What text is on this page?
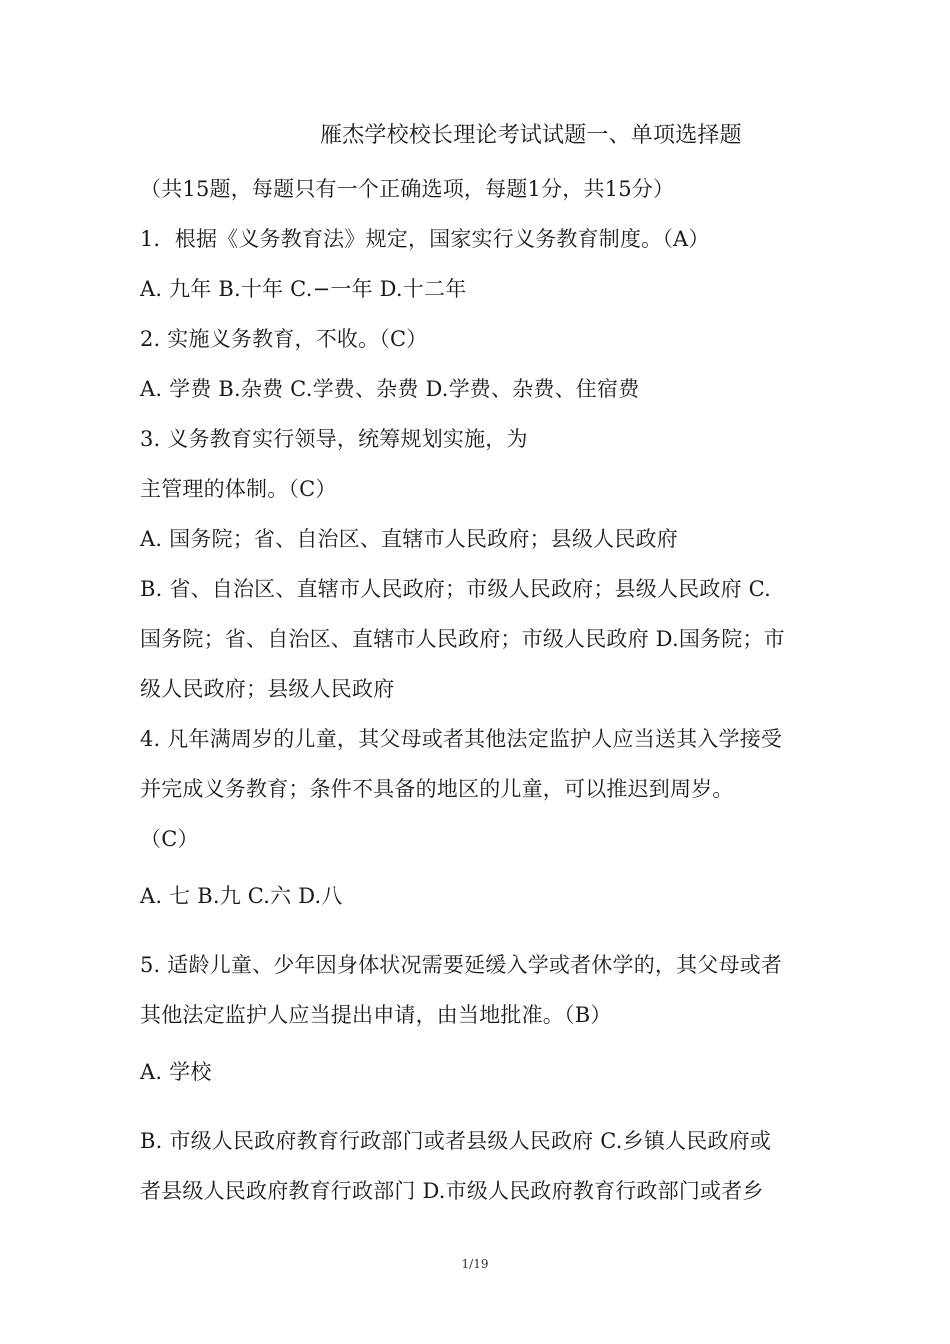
雁杰学校校长理论考试试题一、单项选择题
（共15题，每题只有一个正确选项，每题1分，共15分）
1．根据《义务教育法》规定，国家实行义务教育制度。（A）
A. 九年 B.十年 C.−一年 D.十二年
2. 实施义务教育，不收。（C）
A. 学费 B.杂费 C.学费、杂费 D.学费、杂费、住宿费
3. 义务教育实行领导，统筹规划实施，为
主管理的体制。（C）
A. 国务院；省、自治区、直辖市人民政府；县级人民政府
B. 省、自治区、直辖市人民政府；市级人民政府；县级人民政府 C.
国务院；省、自治区、直辖市人民政府；市级人民政府 D.国务院；市
级人民政府；县级人民政府
4. 凡年满周岁的儿童，其父母或者其他法定监护人应当送其入学接受
并完成义务教育；条件不具备的地区的儿童，可以推迟到周岁。
（C）
A. 七 B.九 C.六 D.八
5. 适龄儿童、少年因身体状况需要延缓入学或者休学的，其父母或者
其他法定监护人应当提出申请，由当地批准。（B）
A. 学校
B. 市级人民政府教育行政部门或者县级人民政府 C.乡镇人民政府或
者县级人民政府教育行政部门 D.市级人民政府教育行政部门或者乡
1/19
